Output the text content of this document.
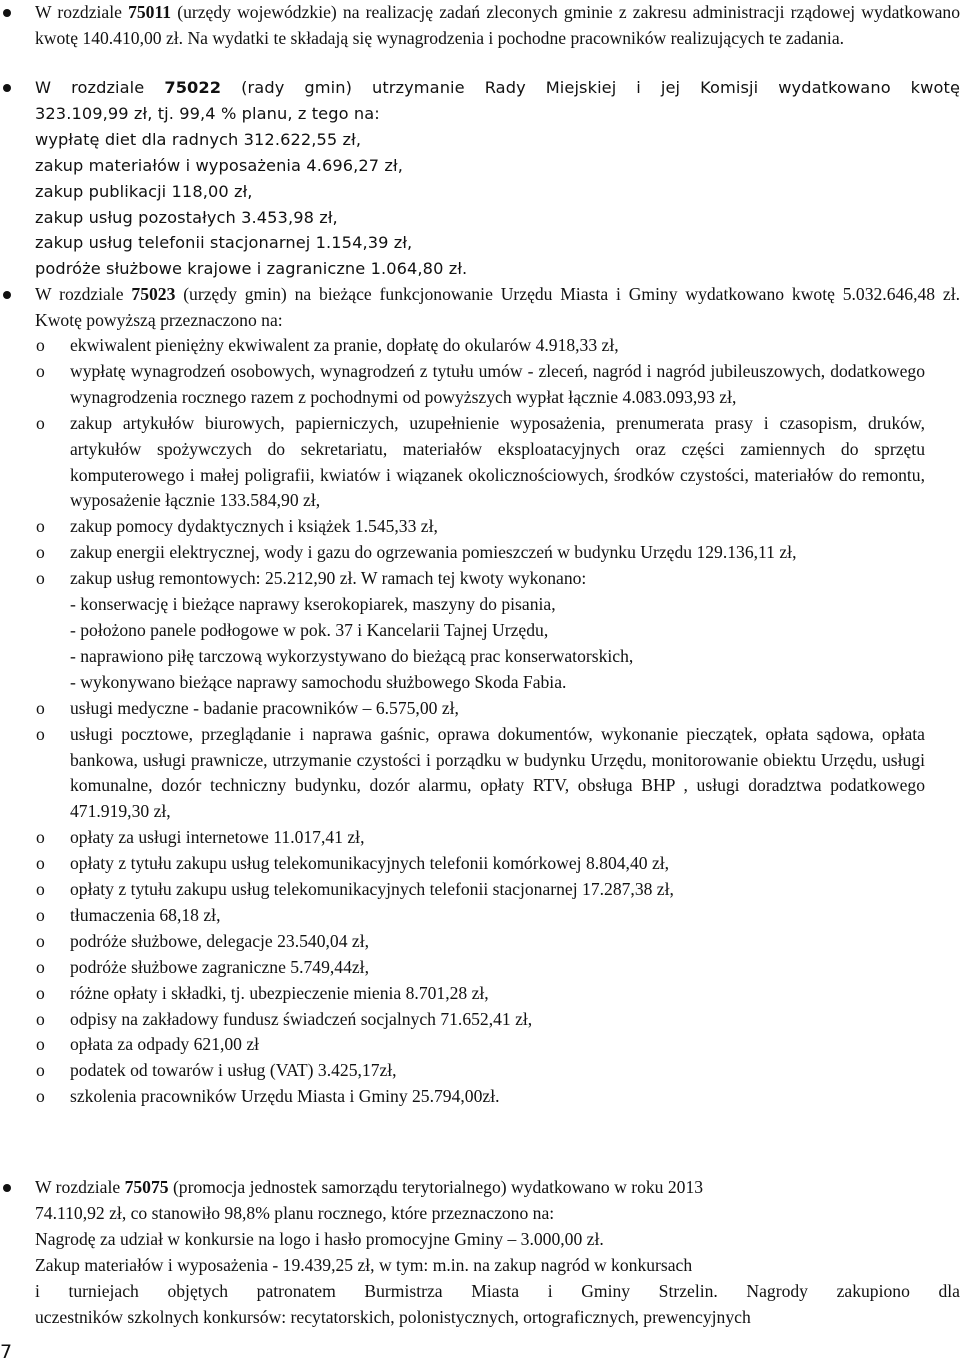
W rozdziale 75011 (urzędy wojewódzkie) na realizację zadań zleconych gminie z zakresu administracji rządowej wydatkowano kwotę 140.410,00 zł. Na wydatki te składają się wynagrodzenia i pochodne pracowników realizujących te zadania.
W rozdziale 75022 (rady gmin) utrzymanie Rady Miejskiej i jej Komisji wydatkowano kwotę
323.109,99 zł, tj. 99,4 % planu, z tego na:
wypłatę diet dla radnych 312.622,55 zł,
zakup materiałów i wyposażenia 4.696,27 zł,
zakup publikacji 118,00 zł,
zakup usług pozostałych 3.453,98 zł,
zakup usług telefonii stacjonarnej 1.154,39 zł,
podróże służbowe krajowe i zagraniczne 1.064,80 zł.
W rozdziale 75023 (urzędy gmin) na bieżące funkcjonowanie Urzędu Miasta i Gminy wydatkowano kwotę 5.032.646,48 zł. Kwotę powyższą przeznaczono na:
o ekwiwalent pieniężny ekwiwalent za pranie, dopłatę do okularów 4.918,33 zł,
o wypłatę wynagrodzeń osobowych, wynagrodzeń z tytułu umów - zleceń, nagród i nagród jubileuszowych, dodatkowego wynagrodzenia rocznego razem z pochodnymi od powyższych wypłat łącznie 4.083.093,93 zł,
o zakup artykułów biurowych, papierniczych, uzupełnienie wyposażenia, prenumerata prasy i czasopism, druków, artykułów spożywczych do sekretariatu, materiałów eksploatacyjnych oraz części zamiennych do sprzętu komputerowego i małej poligrafii, kwiatów i wiązanek okolicznościowych, środków czystości, materiałów do remontu, wyposażenie łącznie 133.584,90 zł,
o zakup pomocy dydaktycznych i książek 1.545,33 zł,
o zakup energii elektrycznej, wody i gazu do ogrzewania pomieszczeń w budynku Urzędu 129.136,11 zł,
o zakup usług remontowych: 25.212,90 zł. W ramach tej kwoty wykonano:
- konserwację i bieżące naprawy kserokopiarek, maszyny do pisania,
- położono panele podłogowe w pok. 37 i Kancelarii Tajnej Urzędu,
- naprawiono piłę tarczową wykorzystywano do bieżącą prac konserwatorskich,
- wykonywano bieżące naprawy samochodu służbowego Skoda Fabia.
o usługi medyczne - badanie pracowników – 6.575,00 zł,
o usługi pocztowe, przeglądanie i naprawa gaśnic, oprawa dokumentów, wykonanie pieczątek, opłata sądowa, opłata bankowa, usługi prawnicze, utrzymanie czystości i porządku w budynku Urzędu, monitorowanie obiektu Urzędu, usługi komunalne, dozór techniczny budynku, dozór alarmu, opłaty RTV, obsługa BHP , usługi doradztwa podatkowego 471.919,30 zł,
o opłaty za usługi internetowe 11.017,41 zł,
o opłaty z tytułu zakupu usług telekomunikacyjnych telefonii komórkowej 8.804,40 zł,
o opłaty z tytułu zakupu usług telekomunikacyjnych telefonii stacjonarnej 17.287,38 zł,
o tłumaczenia 68,18 zł,
o podróże służbowe, delegacje 23.540,04 zł,
o podróże służbowe zagraniczne 5.749,44zł,
o różne opłaty i składki, tj. ubezpieczenie mienia 8.701,28 zł,
o odpisy na zakładowy fundusz świadczeń socjalnych 71.652,41 zł,
o opłata za odpady 621,00 zł
o podatek od towarów i usług (VAT) 3.425,17zł,
o szkolenia pracowników Urzędu Miasta i Gminy 25.794,00zł.
W rozdziale 75075 (promocja jednostek samorządu terytorialnego) wydatkowano w roku 2013
74.110,92 zł, co stanowiło 98,8% planu rocznego, które przeznaczono na:
Nagrodę za udział w konkursie na logo i hasło promocyjne Gminy – 3.000,00 zł.
Zakup materiałów i wyposażenia - 19.439,25 zł, w tym: m.in. na zakup nagród w konkursach
i turniejach objętych patronatem Burmistrza Miasta i Gminy Strzelin. Nagrody zakupiono dla
uczestników szkolnych konkursów: recytatorskich, polonistycznych, ortograficznych, prewencyjnych
7
